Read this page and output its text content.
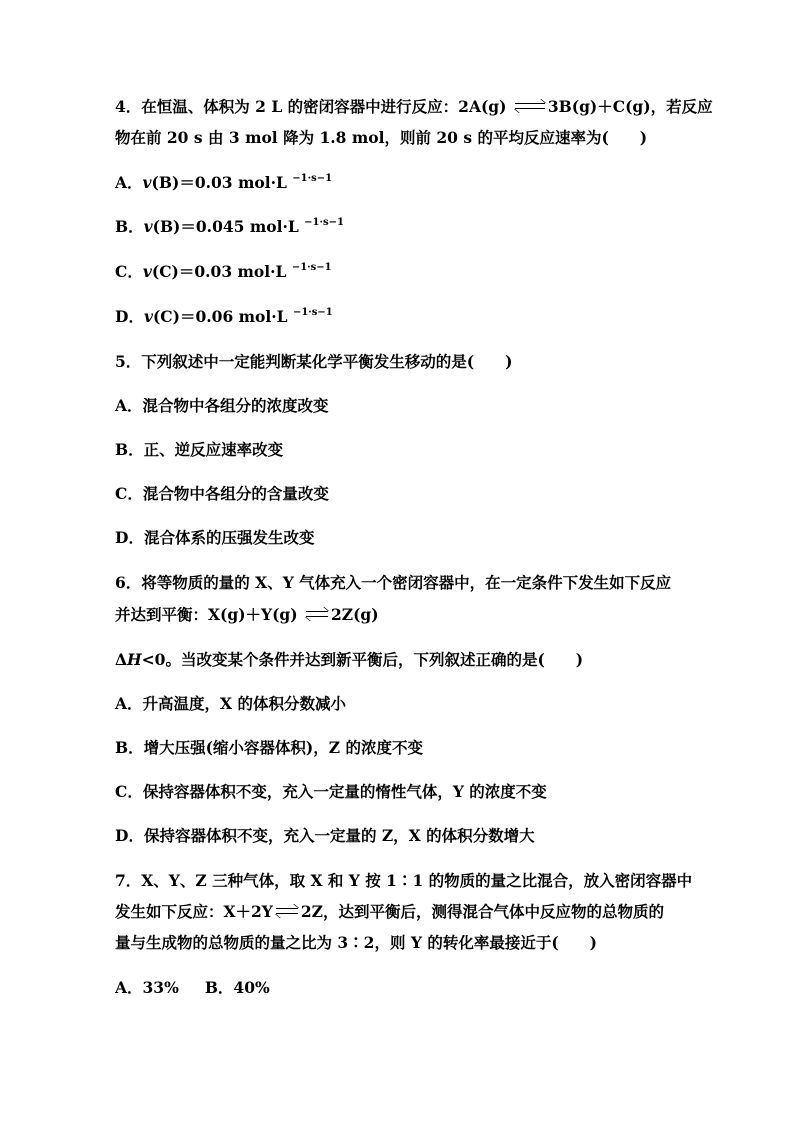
4．在恒温、体积为 2 L 的密闭容器中进行反应：2A(g)
3B(g)＋C(g)，若反应
物在前 20 s 由 3 mol 降为 1.8 mol，则前 20 s 的平均反应速率为(　　)
A．v(B)＝0.03 mol·L $^{-1\cdot s-1}$
B．v(B)＝0.045 mol·L $^{-1\cdot s-1}$
C．v(C)＝0.03 mol·L $^{-1\cdot s-1}$
D．v(C)＝0.06 mol·L $^{-1\cdot s-1}$
5．下列叙述中一定能判断某化学平衡发生移动的是(　　)
A．混合物中各组分的浓度改变
B．正、逆反应速率改变
C．混合物中各组分的含量改变
D．混合体系的压强发生改变
6．将等物质的量的 X、Y 气体充入一个密闭容器中，在一定条件下发生如下反应
并达到平衡：X(g)＋Y(g)
2Z(g)
ΔH<0。当改变某个条件并达到新平衡后，下列叙述正确的是(　　)
A．升高温度，X 的体积分数减小
B．增大压强(缩小容器体积)，Z 的浓度不变
C．保持容器体积不变，充入一定量的惰性气体，Y 的浓度不变
D．保持容器体积不变，充入一定量的 Z，X 的体积分数增大
7．X、Y、Z 三种气体，取 X 和 Y 按 1∶1 的物质的量之比混合，放入密闭容器中
发生如下反应：X＋2Y 2Z，达到平衡后，测得混合气体中反应物的总物质的
量与生成物的总物质的量之比为 3∶2，则 Y 的转化率最接近于(　　)
A．33% B．40%
